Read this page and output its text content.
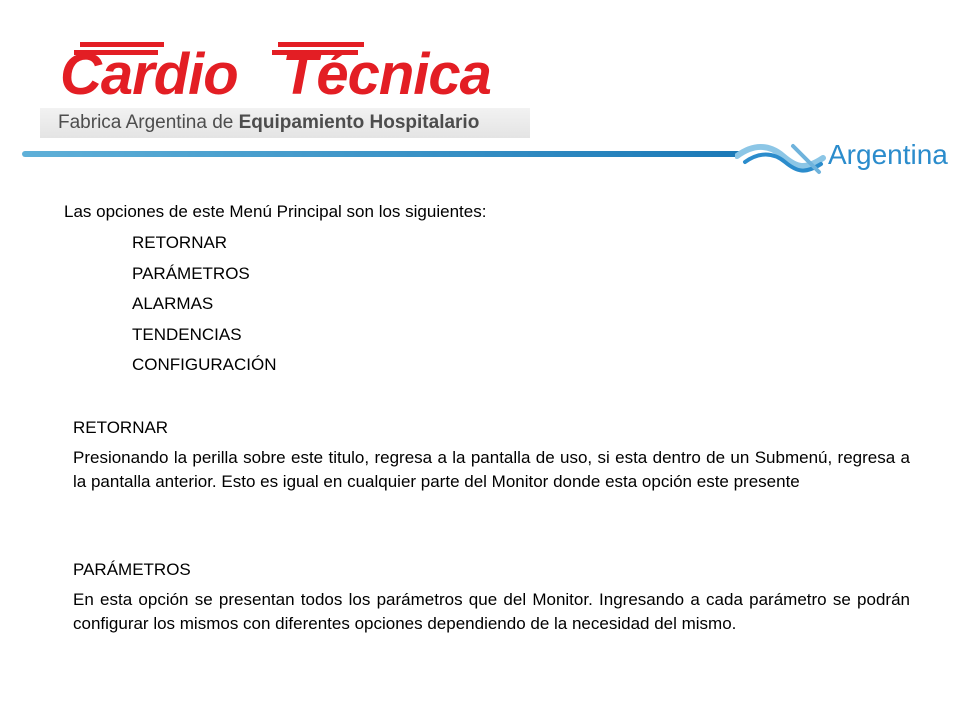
Cardio Técnica
Fabrica Argentina de Equipamiento Hospitalario
Argentina
Las opciones de este Menú Principal son los siguientes:
RETORNAR
PARÁMETROS
ALARMAS
TENDENCIAS
CONFIGURACIÓN
RETORNAR
Presionando la perilla sobre este titulo, regresa a la pantalla de uso, si esta dentro de un Submenú, regresa a la pantalla anterior. Esto es igual en cualquier parte del Monitor donde esta opción este presente
PARÁMETROS
En esta opción se presentan todos los parámetros que del Monitor. Ingresando a cada parámetro se podrán configurar los mismos con diferentes opciones dependiendo de la necesidad del mismo.
